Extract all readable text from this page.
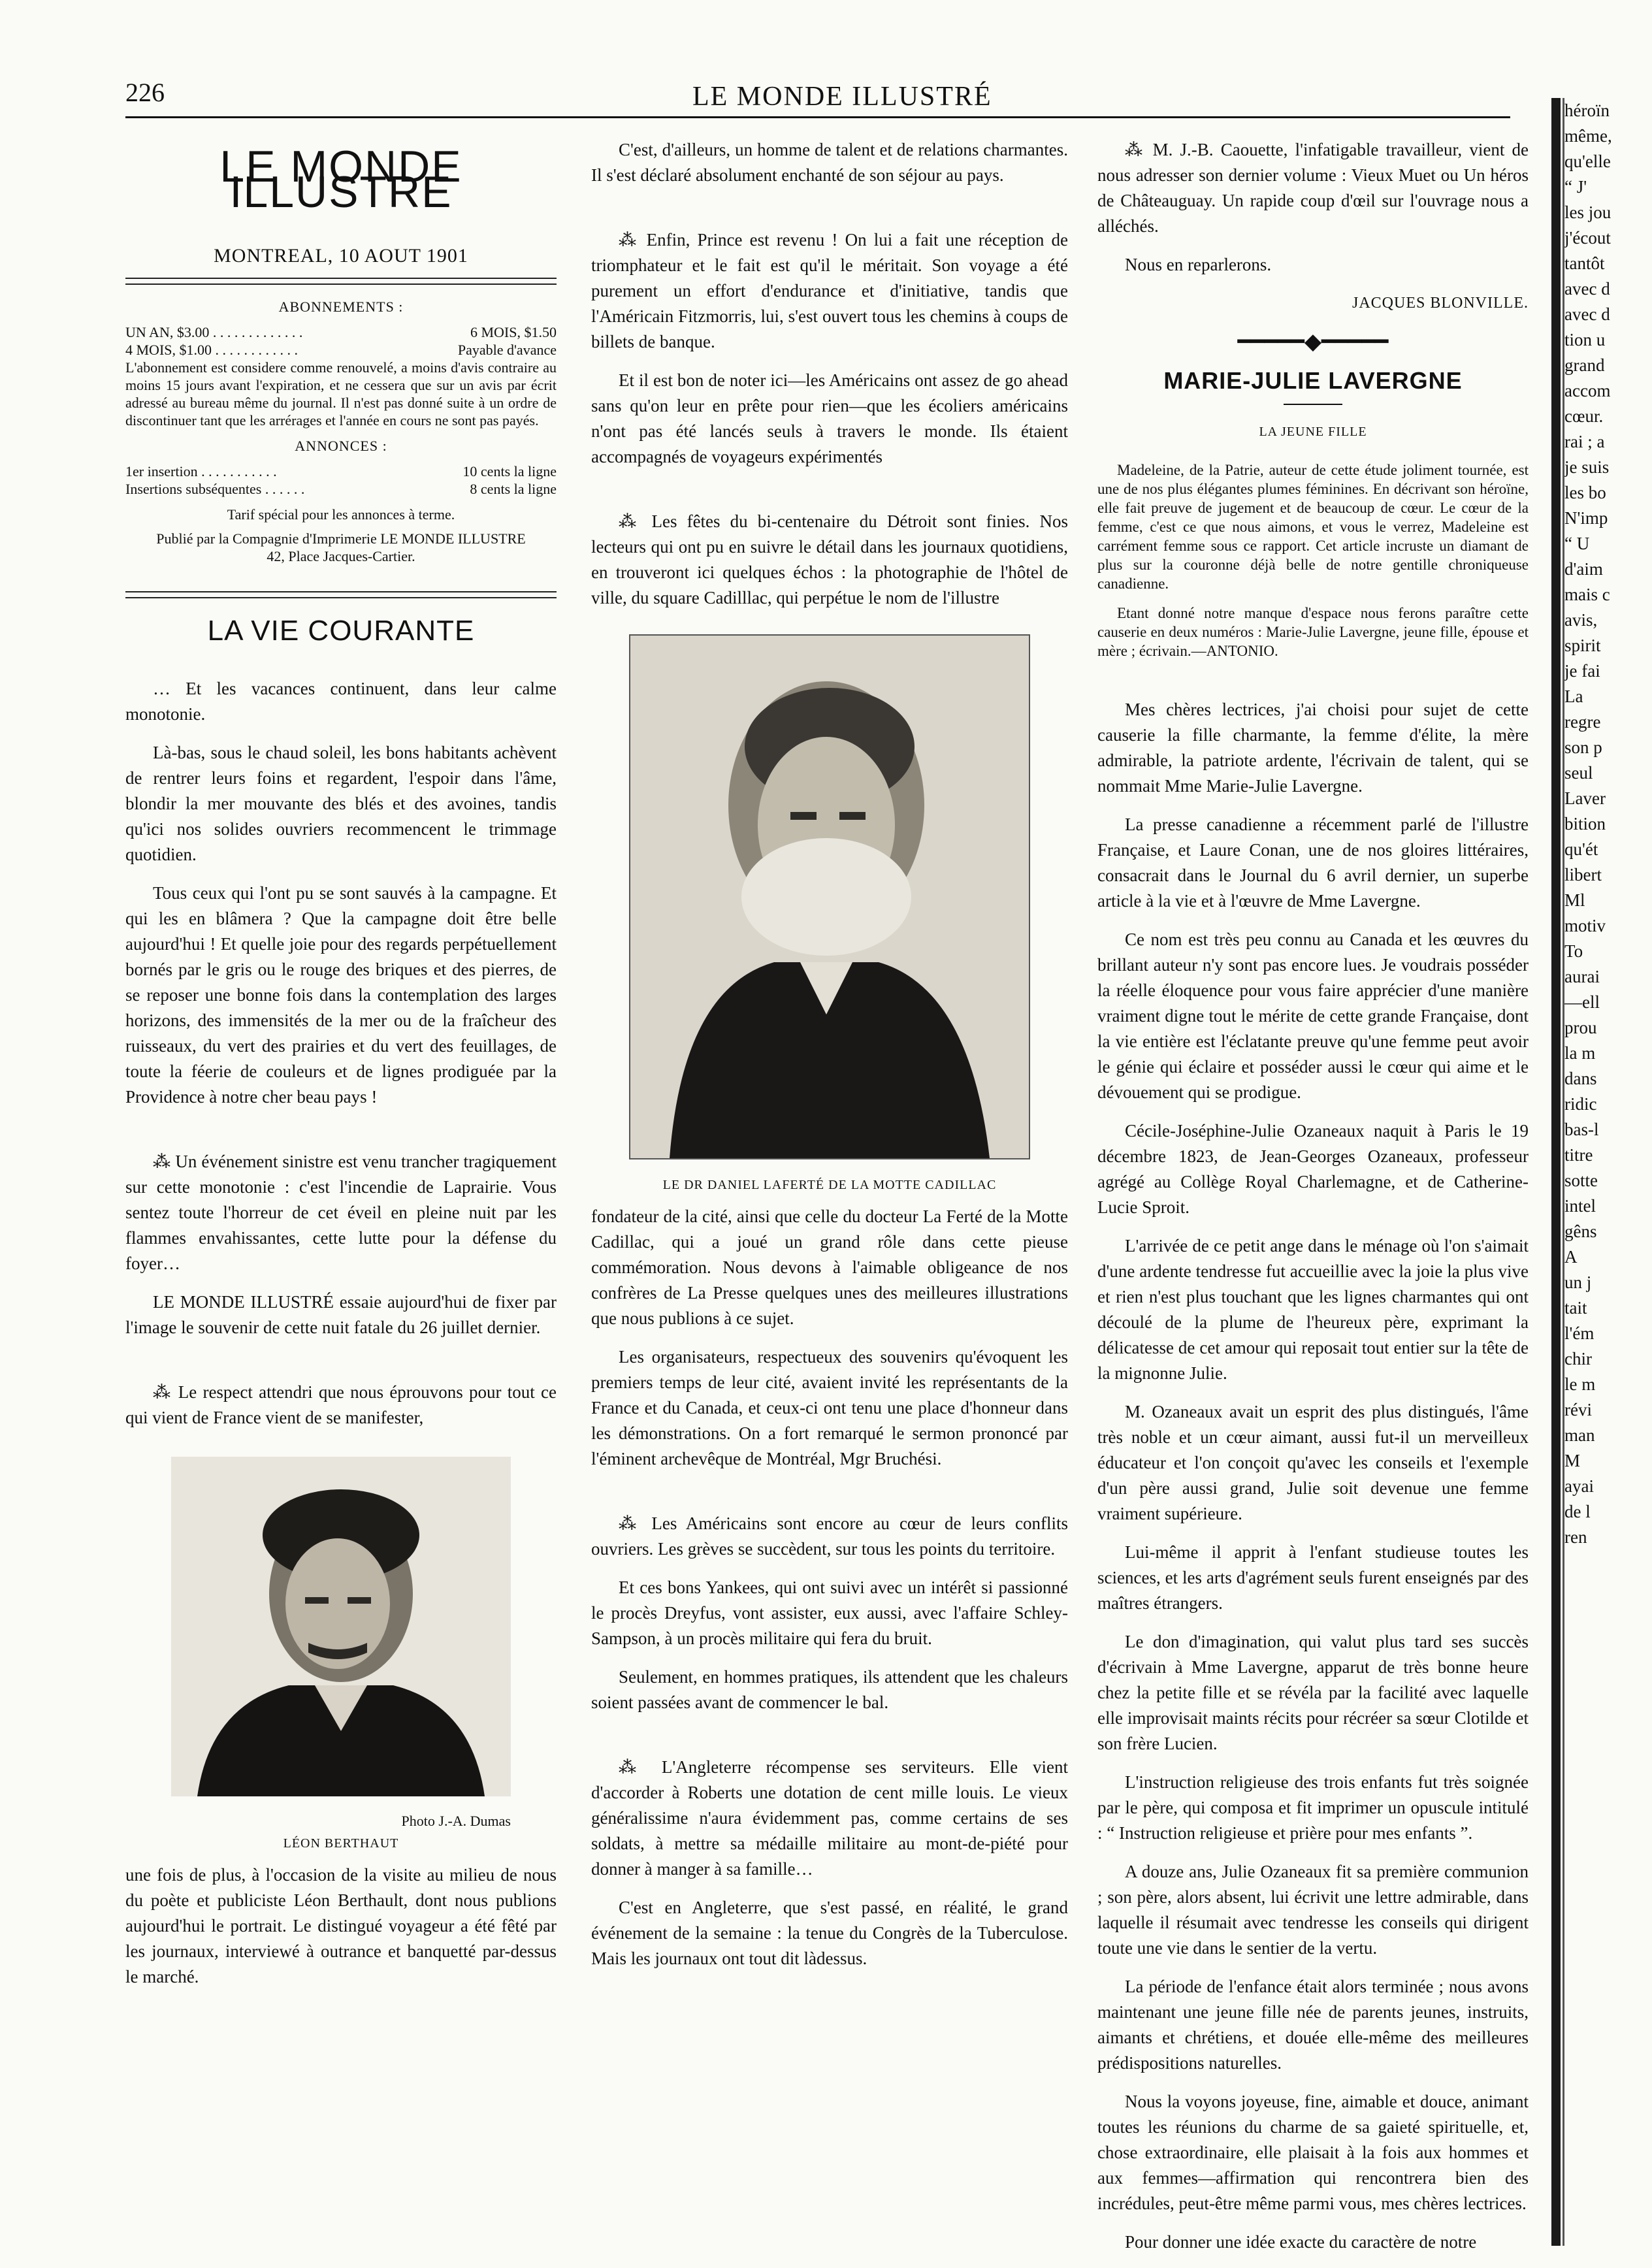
226	LE MONDE ILLUSTRÉ
LE MONDE ILLUSTRE
MONTREAL, 10 AOUT 1901
ABONNEMENTS :
UN AN, $3.00 . . . . . . . . . . . . .	6 MOIS, $1.50
4 MOIS, $1.00 . . . . . . . . . . . .	Payable d'avance
L'abonnement est considere comme renouvelé, a moins d'avis contraire au moins 15 jours avant l'expiration, et ne cessera que sur un avis par écrit adressé au bureau même du journal. Il n'est pas donné suite à un ordre de discontinuer tant que les arrérages et l'année en cours ne sont pas payés.
ANNONCES :
1er insertion . . . . . . . . . . .	10 cents la ligne
Insertions subséquentes . . . . . .	8 cents la ligne
Tarif spécial pour les annonces à terme.
Publié par la Compagnie d'Imprimerie LE MONDE ILLUSTRE
42, Place Jacques-Cartier.
LA VIE COURANTE

… Et les vacances continuent, dans leur calme monotonie.

Là-bas, sous le chaud soleil, les bons habitants achèvent de rentrer leurs foins et regardent, l'espoir dans l'âme, blondir la mer mouvante des blés et des avoines, tandis qu'ici nos solides ouvriers recommencent le trimmage quotidien.

Tous ceux qui l'ont pu se sont sauvés à la campagne. Et qui les en blâmera ? Que la campagne doit être belle aujourd'hui ! Et quelle joie pour des regards perpétuellement bornés par le gris ou le rouge des briques et des pierres, de se reposer une bonne fois dans la contemplation des larges horizons, des immensités de la mer ou de la fraîcheur des ruisseaux, du vert des prairies et du vert des feuillages, de toute la féerie de couleurs et de lignes prodiguée par la Providence à notre cher beau pays !

⁂ Un événement sinistre est venu trancher tragiquement sur cette monotonie : c'est l'incendie de Laprairie. Vous sentez toute l'horreur de cet éveil en pleine nuit par les flammes envahissantes, cette lutte pour la défense du foyer…

LE MONDE ILLUSTRÉ essaie aujourd'hui de fixer par l'image le souvenir de cette nuit fatale du 26 juillet dernier.

⁂ Le respect attendri que nous éprouvons pour tout ce qui vient de France vient de se manifester,

Photo J.-A. Dumas
LÉON BERTHAUT

une fois de plus, à l'occasion de la visite au milieu de nous du poète et publiciste Léon Berthault, dont nous publions aujourd'hui le portrait. Le distingué voyageur a été fêté par les journaux, interviewé à outrance et banquetté par-dessus le marché.

C'est, d'ailleurs, un homme de talent et de relations charmantes. Il s'est déclaré absolument enchanté de son séjour au pays.

⁂ Enfin, Prince est revenu ! On lui a fait une réception de triomphateur et le fait est qu'il le méritait. Son voyage a été purement un effort d'endurance et d'initiative, tandis que l'Américain Fitzmorris, lui, s'est ouvert tous les chemins à coups de billets de banque.

Et il est bon de noter ici—les Américains ont assez de go ahead sans qu'on leur en prête pour rien—que les écoliers américains n'ont pas été lancés seuls à travers le monde. Ils étaient accompagnés de voyageurs expérimentés

⁂ Les fêtes du bi-centenaire du Détroit sont finies. Nos lecteurs qui ont pu en suivre le détail dans les journaux quotidiens, en trouveront ici quelques échos : la photographie de l'hôtel de ville, du square Cadilllac, qui perpétue le nom de l'illustre

LE DR DANIEL LAFERTÉ DE LA MOTTE CADILLAC

fondateur de la cité, ainsi que celle du docteur La Ferté de la Motte Cadillac, qui a joué un grand rôle dans cette pieuse commémoration. Nous devons à l'aimable obligeance de nos confrères de La Presse quelques unes des meilleures illustrations que nous publions à ce sujet.

Les organisateurs, respectueux des souvenirs qu'évoquent les premiers temps de leur cité, avaient invité les représentants de la France et du Canada, et ceux-ci ont tenu une place d'honneur dans les démonstrations. On a fort remarqué le sermon prononcé par l'éminent archevêque de Montréal, Mgr Bruchési.

⁂ Les Américains sont encore au cœur de leurs conflits ouvriers. Les grèves se succèdent, sur tous les points du territoire.

Et ces bons Yankees, qui ont suivi avec un intérêt si passionné le procès Dreyfus, vont assister, eux aussi, avec l'affaire Schley-Sampson, à un procès militaire qui fera du bruit.

Seulement, en hommes pratiques, ils attendent que les chaleurs soient passées avant de commencer le bal.

⁂ L'Angleterre récompense ses serviteurs. Elle vient d'accorder à Roberts une dotation de cent mille louis. Le vieux généralissime n'aura évidemment pas, comme certains de ses soldats, à mettre sa médaille militaire au mont-de-piété pour donner à manger à sa famille…

C'est en Angleterre, que s'est passé, en réalité, le grand événement de la semaine : la tenue du Congrès de la Tuberculose. Mais les journaux ont tout dit làdessus.

⁂ M. J.-B. Caouette, l'infatigable travailleur, vient de nous adresser son dernier volume : Vieux Muet ou Un héros de Châteauguay. Un rapide coup d'œil sur l'ouvrage nous a alléchés.

Nous en reparlerons.

JACQUES BLONVILLE.
━━━━━◆━━━━━
MARIE-JULIE LAVERGNE
LA JEUNE FILLE
Madeleine, de la Patrie, auteur de cette étude joliment tournée, est une de nos plus élégantes plumes féminines. En décrivant son héroïne, elle fait preuve de jugement et de beaucoup de cœur. Le cœur de la femme, c'est ce que nous aimons, et vous le verrez, Madeleine est carrément femme sous ce rapport. Cet article incruste un diamant de plus sur la couronne déjà belle de notre gentille chroniqueuse canadienne.
Etant donné notre manque d'espace nous ferons paraître cette causerie en deux numéros : Marie-Julie Lavergne, jeune fille, épouse et mère ; écrivain.—ANTONIO.

Mes chères lectrices, j'ai choisi pour sujet de cette causerie la fille charmante, la femme d'élite, la mère admirable, la patriote ardente, l'écrivain de talent, qui se nommait Mme Marie-Julie Lavergne.

La presse canadienne a récemment parlé de l'illustre Française, et Laure Conan, une de nos gloires littéraires, consacrait dans le Journal du 6 avril dernier, un superbe article à la vie et à l'œuvre de Mme Lavergne.

Ce nom est très peu connu au Canada et les œuvres du brillant auteur n'y sont pas encore lues. Je voudrais posséder la réelle éloquence pour vous faire apprécier d'une manière vraiment digne tout le mérite de cette grande Française, dont la vie entière est l'éclatante preuve qu'une femme peut avoir le génie qui éclaire et posséder aussi le cœur qui aime et le dévouement qui se prodigue.

Cécile-Joséphine-Julie Ozaneaux naquit à Paris le 19 décembre 1823, de Jean-Georges Ozaneaux, professeur agrégé au Collège Royal Charlemagne, et de Catherine-Lucie Sproit.

L'arrivée de ce petit ange dans le ménage où l'on s'aimait d'une ardente tendresse fut accueillie avec la joie la plus vive et rien n'est plus touchant que les lignes charmantes qui ont découlé de la plume de l'heureux père, exprimant la délicatesse de cet amour qui reposait tout entier sur la tête de la mignonne Julie.

M. Ozaneaux avait un esprit des plus distingués, l'âme très noble et un cœur aimant, aussi fut-il un merveilleux éducateur et l'on conçoit qu'avec les conseils et l'exemple d'un père aussi grand, Julie soit devenue une femme vraiment supérieure.

Lui-même il apprit à l'enfant studieuse toutes les sciences, et les arts d'agrément seuls furent enseignés par des maîtres étrangers.

Le don d'imagination, qui valut plus tard ses succès d'écrivain à Mme Lavergne, apparut de très bonne heure chez la petite fille et se révéla par la facilité avec laquelle elle improvisait maints récits pour récréer sa sœur Clotilde et son frère Lucien.

L'instruction religieuse des trois enfants fut très soignée par le père, qui composa et fit imprimer un opuscule intitulé : “ Instruction religieuse et prière pour mes enfants ”.

A douze ans, Julie Ozaneaux fit sa première communion ; son père, alors absent, lui écrivit une lettre admirable, dans laquelle il résumait avec tendresse les conseils qui dirigent toute une vie dans le sentier de la vertu.

La période de l'enfance était alors terminée ; nous avons maintenant une jeune fille née de parents jeunes, instruits, aimants et chrétiens, et douée elle-même des meilleures prédispositions naturelles.

Nous la voyons joyeuse, fine, aimable et douce, animant toutes les réunions du charme de sa gaieté spirituelle, et, chose extraordinaire, elle plaisait à la fois aux hommes et aux femmes—affirmation qui rencontrera bien des incrédules, peut-être même parmi vous, mes chères lectrices.

Pour donner une idée exacte du caractère de notre

héroïn
même,
qu'elle
“ J'
les jou
j'écout
tantôt
avec d
avec d
tion u
grand
accom
cœur.
rai ; a
je suis
les bo
N'imp
“ U
d'aim
mais c
avis,
spirit
je fai
La
regre
son p
seul
Laver
bition
qu'ét
libert
Ml
motiv
To
aurai
—ell
prou
la m
dans
ridic
bas-l
titre
sotte
intel
gêns
A
un j
tait
l'ém
chir
le m
révi
man
M
ayai
de l
ren
